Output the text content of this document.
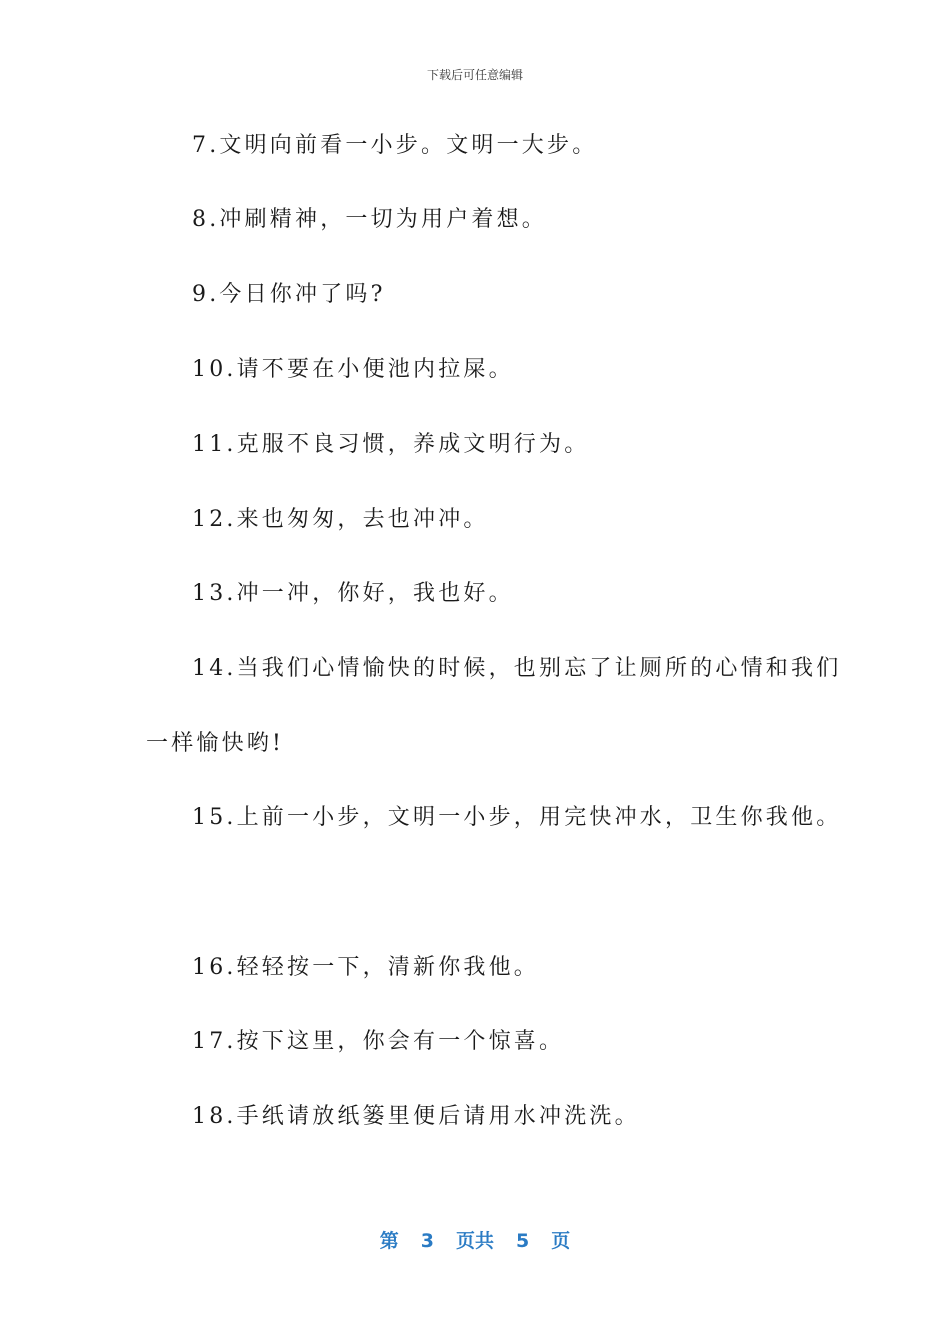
下载后可任意编辑
7.文明向前看一小步。文明一大步。
8.冲刷精神，一切为用户着想。
9.今日你冲了吗?
10.请不要在小便池内拉屎。
11.克服不良习惯，养成文明行为。
12.来也匆匆，去也冲冲。
13.冲一冲，你好，我也好。
14.当我们心情愉快的时候，也别忘了让厕所的心情和我们
一样愉快哟!
15.上前一小步，文明一小步，用完快冲水，卫生你我他。
16.轻轻按一下，清新你我他。
17.按下这里，你会有一个惊喜。
18.手纸请放纸篓里便后请用水冲洗洗。
第 3 页共 5 页
